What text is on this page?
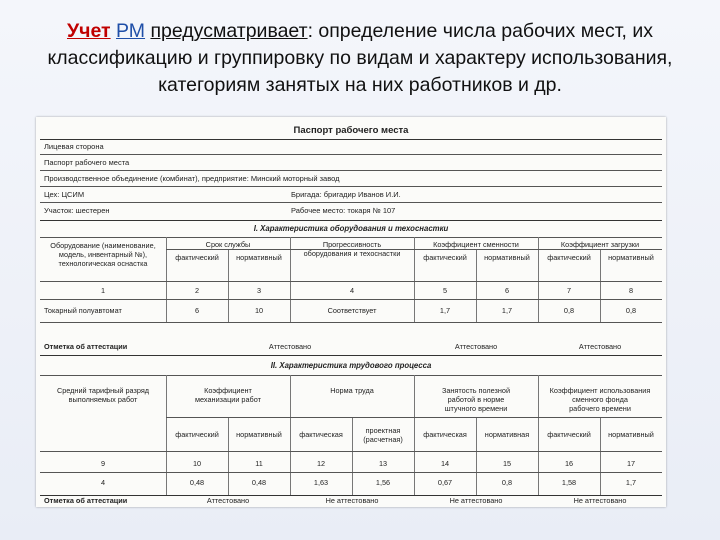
Учет РМ предусматривает: определение числа рабочих мест, их классификацию и группировку по видам и характеру использования, категориям занятых на них работников и др.
Паспорт рабочего места
Лицевая сторона
Паспорт рабочего места
Производственное объединение (комбинат), предприятие: Минский моторный завод
Цех: ЦСИМ	Бригада: бригадир Иванов И.И.
Участок: шестерен	Рабочее место: токаря № 107
I. Характеристика оборудования и техоснастки
Оборудование (наименование,
модель, инвентарный №),
технологическая оснастка
Срок службы	Прогрессивность
оборудования и техоснастки
Коэффициент сменности	Коэффициент загрузки
фактический	нормативный	фактический	нормативный	фактический	нормативный
1	2	3	4	5	6	7	8
Токарный полуавтомат	6	10	Соответствует	1,7	1,7	0,8	0,8
Отметка об аттестации	Аттестовано	Аттестовано	Аттестовано
II. Характеристика трудового процесса
Средний тарифный разряд
выполняемых работ
Коэффициент
механизации работ
Норма труда	Занятость полезной
работой в норме
штучного времени
Коэффициент использования
сменного фонда
рабочего времени
фактический	нормативный	фактическая	проектная
(расчетная)
фактическая	нормативная	фактический	нормативный
9	10	11	12	13	14	15	16	17
4	0,48	0,48	1,63	1,56	0,67	0,8	1,58	1,7
Отметка об аттестации	Аттестовано	Не аттестовано	Не аттестовано	Не аттестовано
